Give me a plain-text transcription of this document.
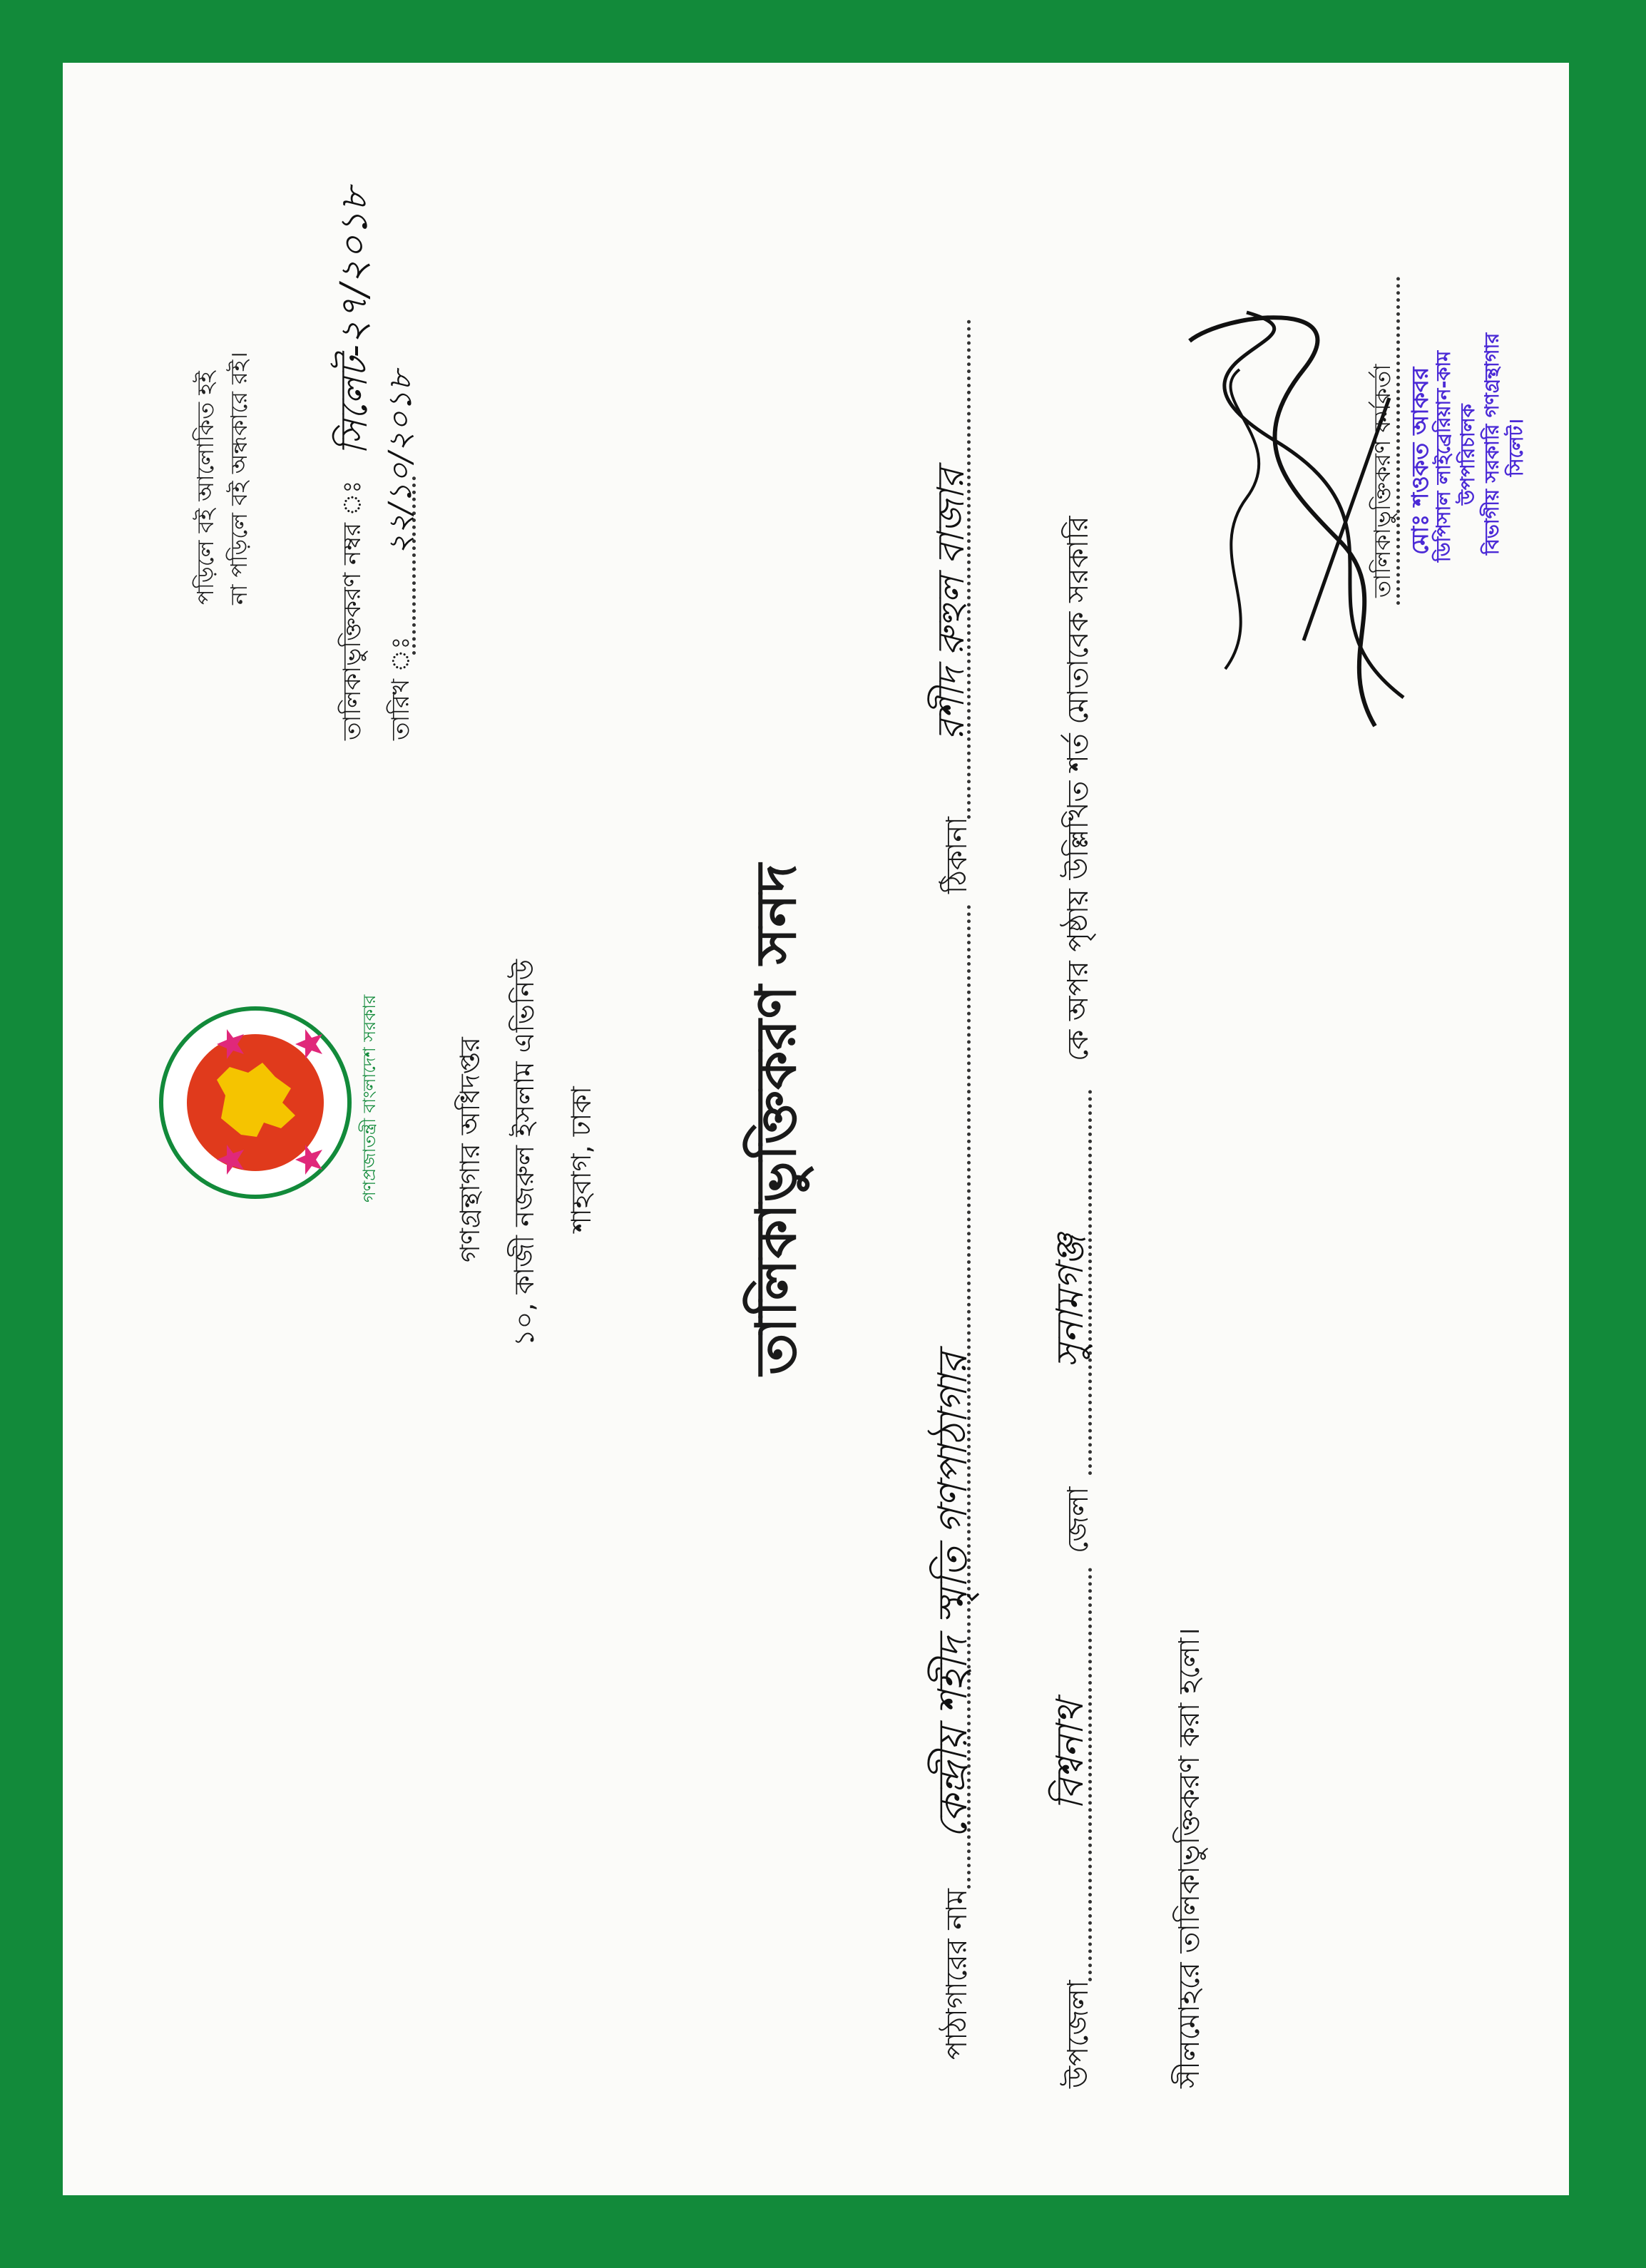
গণপ্রজাতন্ত্রী বাংলাদেশ সরকার
পড়িলে বই আলোকিত হই না পড়িলে বই অন্ধকারে রই।
গণগ্রন্থাগার অধিদপ্তর ১০, কাজী নজরুল ইসলাম এভিনিউ শাহবাগ, ঢাকা
তালিকাভুক্তিকরণ নম্বর ঃ
সিলেট-২৭/২০১৮
তারিখ ঃ
২২/১০/২০১৮
তালিকাভুক্তিকরণ সনদ
পাঠাগারের নাম
কেন্দ্রীয় শহীদ স্মৃতি গণপাঠাগার
ঠিকানা
রশীদ রুহুল বাজার
উপজেলা
বিশ্বনাথ
জেলা
সুনামগঞ্জ
কে অপর পৃষ্ঠায় উল্লিখিত শর্ত মোতাবেক সরকারি
সীলমোহরে তালিকাভুক্তিকরণ করা হলো।
তালিকাভুক্তিকরণ কর্মকর্তা মোঃ শওকত আকবর ডিপিসাল লাইব্রেরিয়ান-কাম উপপরিচালক বিভাগীয় সরকারি গণগ্রন্থাগার সিলেট।
